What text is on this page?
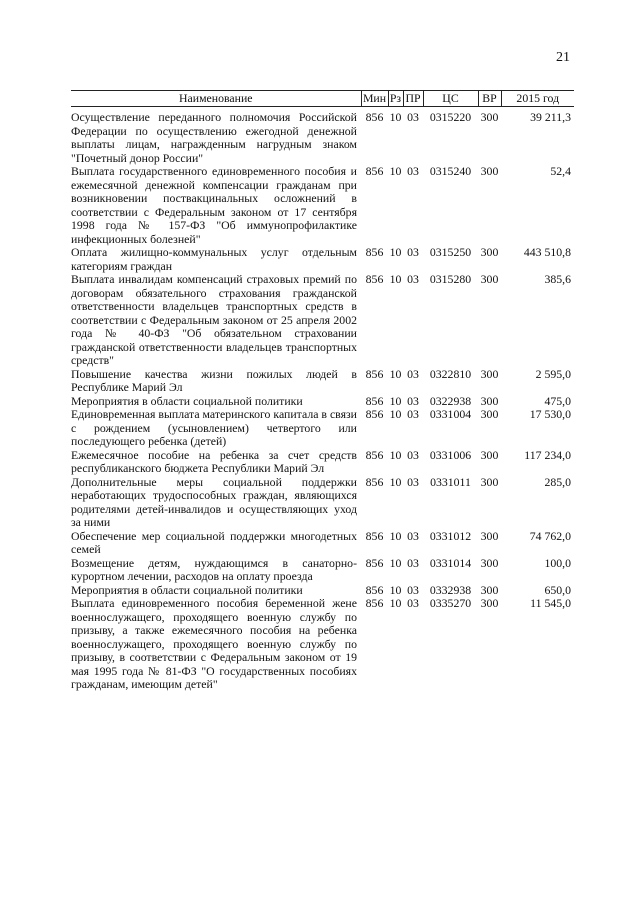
21
Наименование	Мин	Рз	ПР	ЦС	ВР	2015 год

Осуществление переданного полномочия Российской Федерации по осуществлению ежегодной денежной выплаты лицам, награжденным нагрудным знаком "Почетный донор России"	856	10	03	0315220	300	39 211,3
Выплата государственного единовременного пособия и ежемесячной денежной компенсации гражданам при возникновении поствакцинальных осложнений в соответствии с Федеральным законом от 17 сентября 1998 года № 157-ФЗ "Об иммунопрофилактике инфекционных болезней"	856	10	03	0315240	300	52,4
Оплата жилищно-коммунальных услуг отдельным категориям граждан	856	10	03	0315250	300	443 510,8
Выплата инвалидам компенсаций страховых премий по договорам обязательного страхования гражданской ответственности владельцев транспортных средств в соответствии с Федеральным законом от 25 апреля 2002 года № 40-ФЗ "Об обязательном страховании гражданской ответственности владельцев транспортных средств"	856	10	03	0315280	300	385,6
Повышение качества жизни пожилых людей в Республике Марий Эл	856	10	03	0322810	300	2 595,0
Мероприятия в области социальной политики	856	10	03	0322938	300	475,0
Единовременная выплата материнского капитала в связи с рождением (усыновлением) четвертого или последующего ребенка (детей)	856	10	03	0331004	300	17 530,0
Ежемесячное пособие на ребенка за счет средств республиканского бюджета Республики Марий Эл	856	10	03	0331006	300	117 234,0
Дополнительные меры социальной поддержки неработающих трудоспособных граждан, являющихся родителями детей-инвалидов и осуществляющих уход за ними	856	10	03	0331011	300	285,0
Обеспечение мер социальной поддержки многодетных семей	856	10	03	0331012	300	74 762,0
Возмещение детям, нуждающимся в санаторно-курортном лечении, расходов на оплату проезда	856	10	03	0331014	300	100,0
Мероприятия в области социальной политики	856	10	03	0332938	300	650,0
Выплата единовременного пособия беременной жене военнослужащего, проходящего военную службу по призыву, а также ежемесячного пособия на ребенка военнослужащего, проходящего военную службу по призыву, в соответствии с Федеральным законом от 19 мая 1995 года № 81-ФЗ "О государственных пособиях гражданам, имеющим детей"	856	10	03	0335270	300	11 545,0
